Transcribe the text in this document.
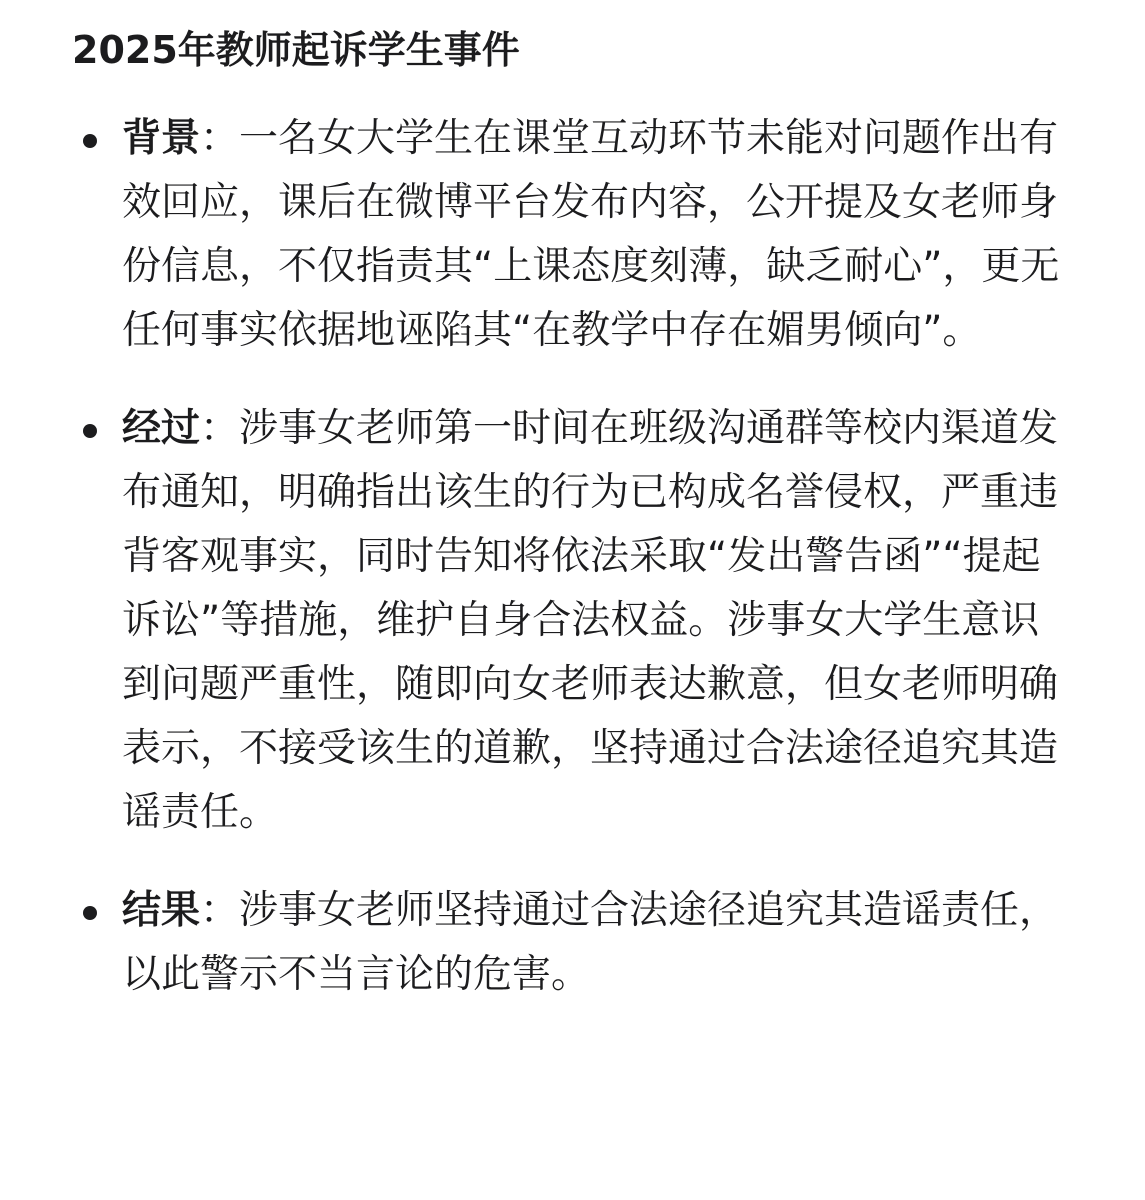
2025年教师起诉学生事件
背景：一名女大学生在课堂互动环节未能对问题作出有效回应，课后在微博平台发布内容，公开提及女老师身份信息，不仅指责其“上课态度刻薄，缺乏耐心”，更无任何事实依据地诬陷其“在教学中存在媚男倾向”。
经过：涉事女老师第一时间在班级沟通群等校内渠道发布通知，明确指出该生的行为已构成名誉侵权，严重违背客观事实，同时告知将依法采取“发出警告函”“提起诉讼”等措施，维护自身合法权益。涉事女大学生意识到问题严重性，随即向女老师表达歉意，但女老师明确表示，不接受该生的道歉，坚持通过合法途径追究其造谣责任。
结果：涉事女老师坚持通过合法途径追究其造谣责任，以此警示不当言论的危害。
